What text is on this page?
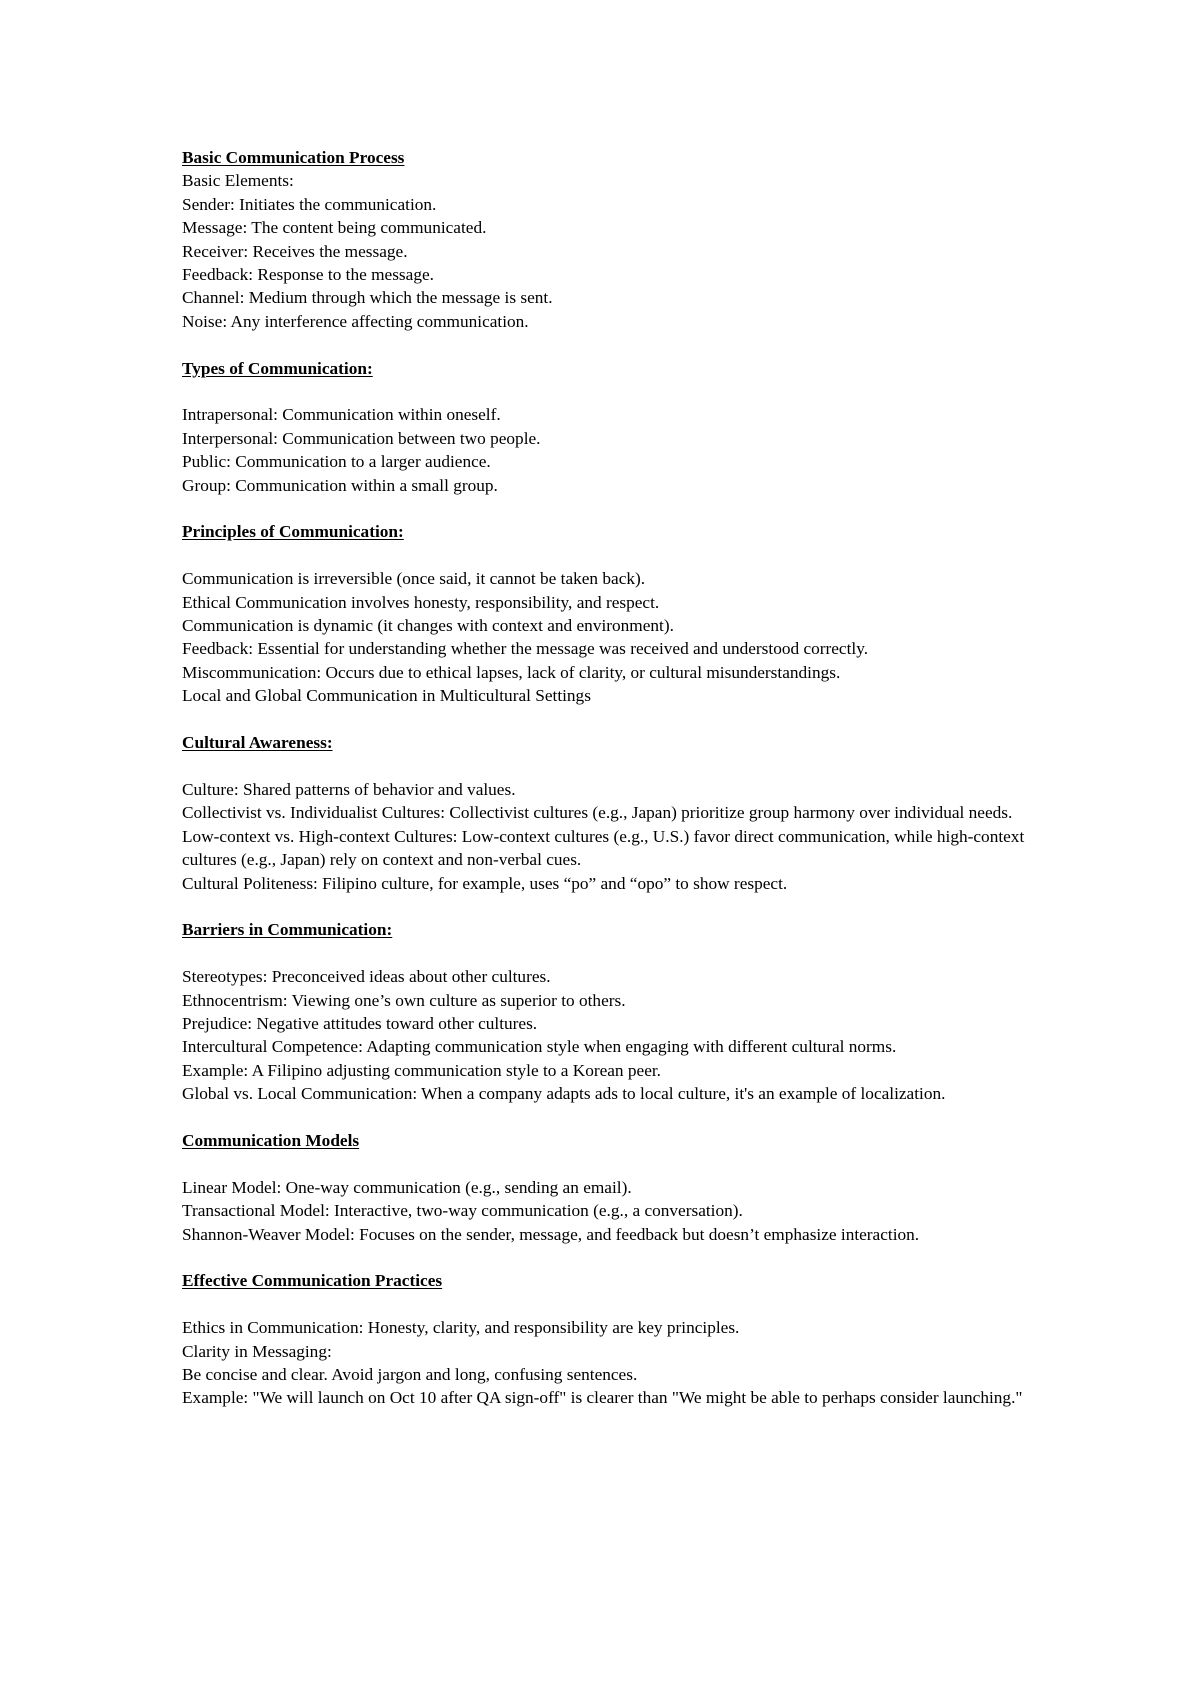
Basic Communication Process

Basic Elements:

Sender: Initiates the communication.

Message: The content being communicated.

Receiver: Receives the message.

Feedback: Response to the message.

Channel: Medium through which the message is sent.

Noise: Any interference affecting communication.

Types of Communication:

Intrapersonal: Communication within oneself.

Interpersonal: Communication between two people.

Public: Communication to a larger audience.

Group: Communication within a small group.

Principles of Communication:

Communication is irreversible (once said, it cannot be taken back).

Ethical Communication involves honesty, responsibility, and respect.

Communication is dynamic (it changes with context and environment).

Feedback: Essential for understanding whether the message was received and understood correctly.

Miscommunication: Occurs due to ethical lapses, lack of clarity, or cultural misunderstandings.

Local and Global Communication in Multicultural Settings

Cultural Awareness:

Culture: Shared patterns of behavior and values.

Collectivist vs. Individualist Cultures: Collectivist cultures (e.g., Japan) prioritize group harmony over individual needs.

Low-context vs. High-context Cultures: Low-context cultures (e.g., U.S.) favor direct communication, while high-context cultures (e.g., Japan) rely on context and non-verbal cues.

Cultural Politeness: Filipino culture, for example, uses “po” and “opo” to show respect.

Barriers in Communication:

Stereotypes: Preconceived ideas about other cultures.

Ethnocentrism: Viewing one’s own culture as superior to others.

Prejudice: Negative attitudes toward other cultures.

Intercultural Competence: Adapting communication style when engaging with different cultural norms.

Example: A Filipino adjusting communication style to a Korean peer.

Global vs. Local Communication: When a company adapts ads to local culture, it's an example of localization.

Communication Models

Linear Model: One-way communication (e.g., sending an email).

Transactional Model: Interactive, two-way communication (e.g., a conversation).

Shannon-Weaver Model: Focuses on the sender, message, and feedback but doesn’t emphasize interaction.

Effective Communication Practices

Ethics in Communication: Honesty, clarity, and responsibility are key principles.

Clarity in Messaging:

Be concise and clear. Avoid jargon and long, confusing sentences.

Example: "We will launch on Oct 10 after QA sign-off" is clearer than "We might be able to perhaps consider launching."
